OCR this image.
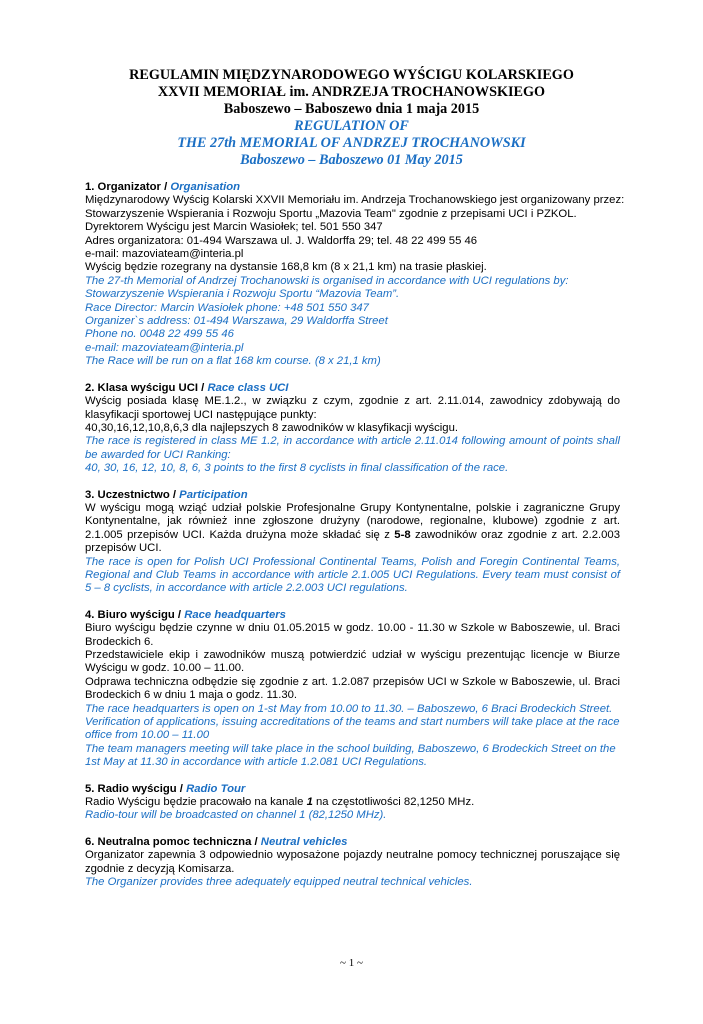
REGULAMIN MIĘDZYNARODOWEGO WYŚCIGU KOLARSKIEGO
XXVII MEMORIAŁ im. ANDRZEJA TROCHANOWSKIEGO
Baboszewo – Baboszewo dnia 1 maja 2015
REGULATION OF
THE 27th MEMORIAL OF ANDRZEJ TROCHANOWSKI
Baboszewo – Baboszewo 01 May 2015
1. Organizator / Organisation
Międzynarodowy Wyścig Kolarski XXVII Memoriału im. Andrzeja Trochanowskiego jest organizowany przez:
Stowarzyszenie Wspierania i Rozwoju Sportu „Mazovia Team" zgodnie z przepisami UCI i PZKOL.
Dyrektorem Wyścigu jest Marcin Wasiołek; tel. 501 550 347
Adres organizatora: 01-494 Warszawa ul. J. Waldorffa 29; tel. 48 22 499 55 46
e-mail: mazoviateam@interia.pl
Wyścig będzie rozegrany na dystansie 168,8 km (8 x 21,1 km) na trasie płaskiej.
The 27-th Memorial of Andrzej Trochanowski is organised in accordance with UCI regulations by:
Stowarzyszenie Wspierania i Rozwoju Sportu “Mazovia Team”.
Race Director: Marcin Wasiołek phone: +48 501 550 347
Organizer`s address: 01-494 Warszawa, 29 Waldorffa Street
Phone no. 0048 22 499 55 46
e-mail: mazoviateam@interia.pl
The Race will be run on a flat 168 km course. (8 x 21,1 km)
2. Klasa wyścigu UCI / Race class UCI
Wyścig posiada klasę ME.1.2., w związku z czym, zgodnie z art. 2.11.014, zawodnicy zdobywają do klasyfikacji sportowej UCI następujące punkty:
40,30,16,12,10,8,6,3 dla najlepszych 8 zawodników w klasyfikacji wyścigu.
The race is registered in class ME 1.2, in accordance with article 2.11.014 following amount of points shall be awarded for UCI Ranking:
40, 30, 16, 12, 10, 8, 6, 3 points to the first 8 cyclists in final classification of the race.
3. Uczestnictwo / Participation
W wyścigu mogą wziąć udział polskie Profesjonalne Grupy Kontynentalne, polskie i zagraniczne Grupy Kontynentalne, jak również inne zgłoszone drużyny (narodowe, regionalne, klubowe) zgodnie z art. 2.1.005 przepisów UCI. Każda drużyna może składać się z 5-8 zawodników oraz zgodnie z art. 2.2.003 przepisów UCI.
The race is open for Polish UCI Professional Continental Teams, Polish and Foregin Continental Teams, Regional and Club Teams in accordance with article 2.1.005 UCI Regulations. Every team must consist of 5 – 8 cyclists, in accordance with article 2.2.003 UCI regulations.
4. Biuro wyścigu / Race headquarters
Biuro wyścigu będzie czynne w dniu 01.05.2015 w godz. 10.00 - 11.30 w Szkole w Baboszewie, ul. Braci Brodeckich 6.
Przedstawiciele ekip i zawodników muszą potwierdzić udział w wyścigu prezentując licencje w Biurze Wyścigu w godz. 10.00 – 11.00.
Odprawa techniczna odbędzie się zgodnie z art. 1.2.087 przepisów UCI w Szkole w Baboszewie, ul. Braci Brodeckich 6 w dniu 1 maja o godz. 11.30.
The race headquarters is open on 1-st May from 10.00 to 11.30. – Baboszewo, 6 Braci Brodeckich Street.
Verification of applications, issuing accreditations of the teams and start numbers will take place at the race office from 10.00 – 11.00
The team managers meeting will take place in the school building, Baboszewo, 6 Brodeckich Street on the 1st May at 11.30 in accordance with article 1.2.081 UCI Regulations.
5. Radio wyścigu / Radio Tour
Radio Wyścigu będzie pracowało na kanale 1 na częstotliwości 82,1250 MHz.
Radio-tour will be broadcasted on channel 1 (82,1250 MHz).
6. Neutralna pomoc techniczna / Neutral vehicles
Organizator zapewnia 3 odpowiednio wyposażone pojazdy neutralne pomocy technicznej poruszające się zgodnie z decyzją Komisarza.
The Organizer provides three adequately equipped neutral technical vehicles.
~ 1 ~
